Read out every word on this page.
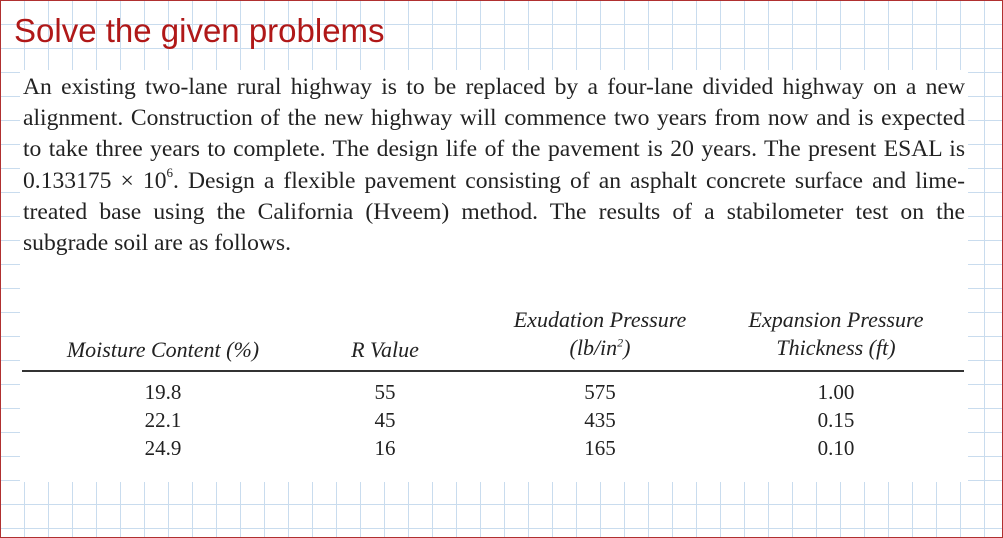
Solve the given problems

An existing two-lane rural highway is to be replaced by a four-lane divided highway on a new alignment. Construction of the new highway will commence two years from now and is expected to take three years to complete. The design life of the pavement is 20 years. The present ESAL is $0.133175 \times 10^6$. Design a flexible pavement consisting of an asphalt concrete surface and lime-treated base using the California (Hveem) method. The results of a stabilometer test on the subgrade soil are as follows.

Moisture Content (%)	R Value
Exudation Pressure
$(lb/in^2)$
Expansion Pressure
Thickness (ft)
19.8
22.1
24.9
55
45
16
575
435
165
1.00
0.15
0.10
